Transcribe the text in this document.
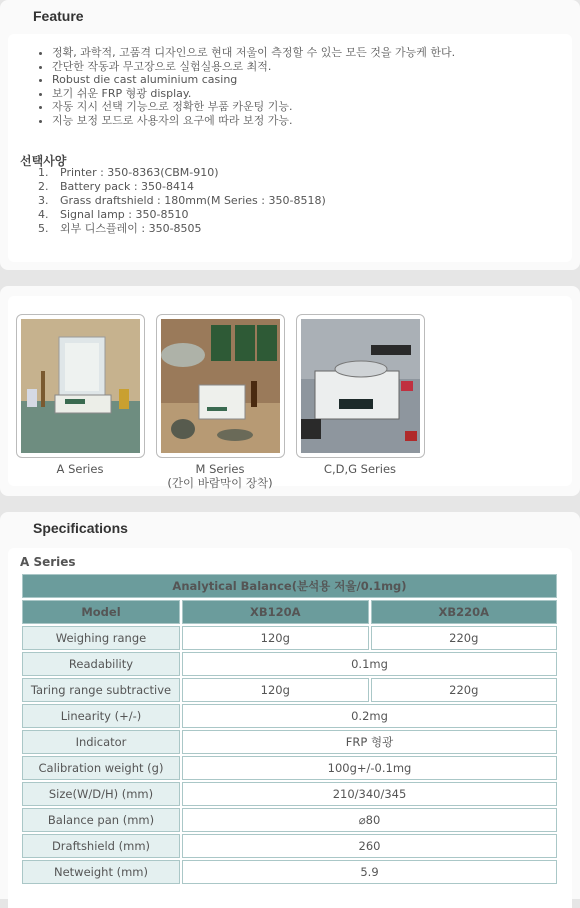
Feature
• 정확, 과학적, 고품격 디자인으로 현대 저울이 측정할 수 있는 모든 것을 가능케 한다.
• 간단한 작동과 무고장으로 실험실용으로 최적.
• Robust die cast aluminium casing
• 보기 쉬운 FRP 형광 display.
• 자동 지시 선택 기능으로 정확한 부품 카운팅 기능.
• 지능 보정 모드로 사용자의 요구에 따라 보정 가능.
선택사양
1. Printer : 350-8363(CBM-910)
2. Battery pack : 350-8414
3. Grass draftshield : 180mm(M Series : 350-8518)
4. Signal lamp : 350-8510
5. 외부 디스플레이 : 350-8505
A Series	M Series
(간이 바람막이 장착)
C,D,G Series
Specifications
A Series
Analytical Balance(분석용 저울/0.1mg)		
Model	XB120A	XB220A
Weighing range	120g	220g
Readability	0.1mg	
Taring range subtractive	120g	220g
Linearity (+/-)	0.2mg	
Indicator	FRP 형광	
Calibration weight (g)	100g+/-0.1mg	
Size(W/D/H) (mm)	210/340/345	
Balance pan (mm)	⌀80	
Draftshield (mm)	260	
Netweight (mm)	5.9	
